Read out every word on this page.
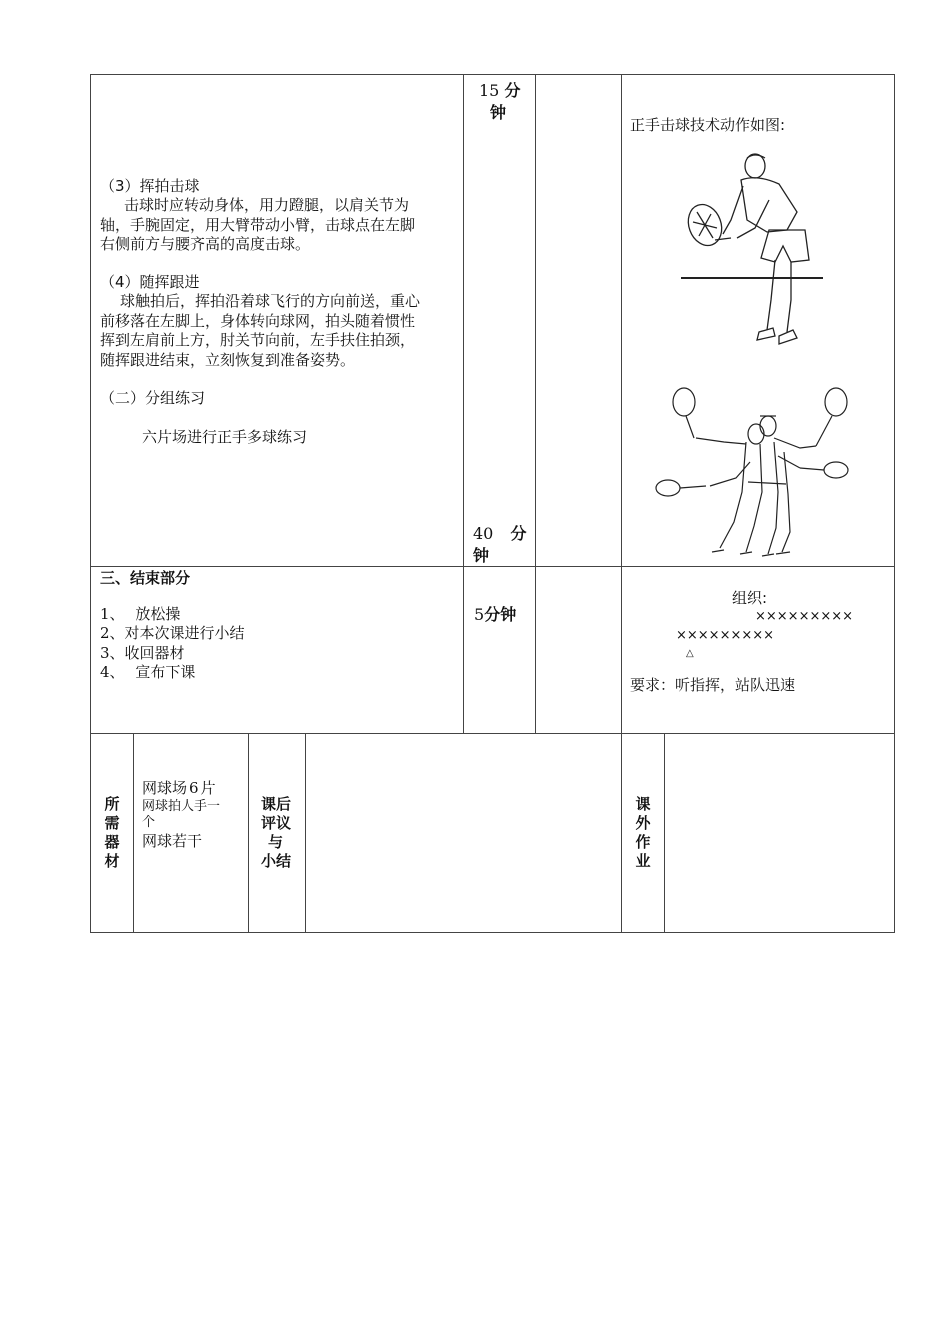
（3）挥拍击球
击球时应转动身体，用力蹬腿，以肩关节为
轴，手腕固定，用大臂带动小臂，击球点在左脚
右侧前方与腰齐高的高度击球。
（4）随挥跟进
球触拍后，挥拍沿着球飞行的方向前送，重心
前移落在左脚上，身体转向球网，拍头随着惯性
挥到左肩前上方，肘关节向前，左手扶住拍颈，
随挥跟进结束，立刻恢复到准备姿势。
（二）分组练习
六片场进行正手多球练习
15 分
钟
40 分
钟
正手击球技术动作如图:
三、结束部分
1、 放松操
2、对本次课进行小结
3、收回器材
4、 宣布下课
5分钟
组织:
×××××××××
×××××××××
△
要求：听指挥，站队迅速
所需器材
网球场 6 片
网球拍人手一
个
网球若干
课后
评议
与
小结
课外作业
